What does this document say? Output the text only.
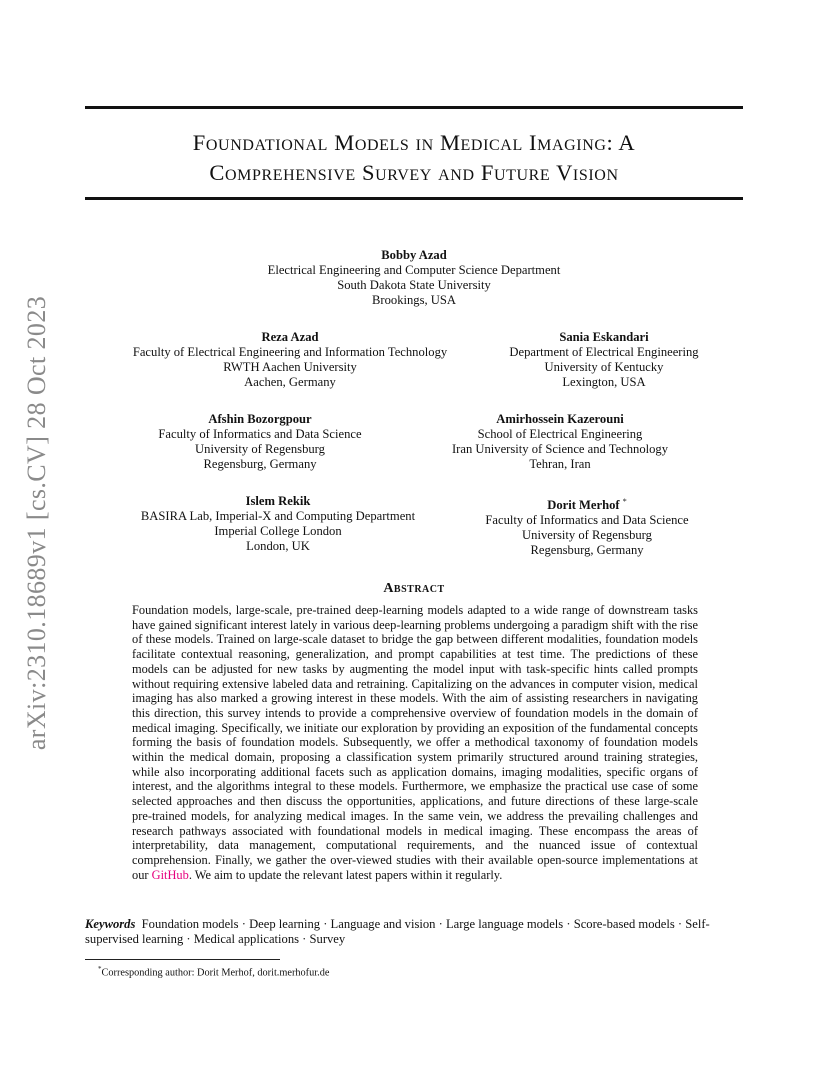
arXiv:2310.18689v1 [cs.CV] 28 Oct 2023
Foundational Models in Medical Imaging: A
Comprehensive Survey and Future Vision
Bobby Azad
Electrical Engineering and Computer Science Department
South Dakota State University
Brookings, USA
Reza Azad
Faculty of Electrical Engineering and Information Technology
RWTH Aachen University
Aachen, Germany
Sania Eskandari
Department of Electrical Engineering
University of Kentucky
Lexington, USA
Afshin Bozorgpour
Faculty of Informatics and Data Science
University of Regensburg
Regensburg, Germany
Amirhossein Kazerouni
School of Electrical Engineering
Iran University of Science and Technology
Tehran, Iran
Islem Rekik
BASIRA Lab, Imperial-X and Computing Department
Imperial College London
London, UK
Dorit Merhof *
Faculty of Informatics and Data Science
University of Regensburg
Regensburg, Germany
Abstract
Foundation models, large-scale, pre-trained deep-learning models adapted to a wide range of downstream tasks have gained significant interest lately in various deep-learning problems undergoing a paradigm shift with the rise of these models. Trained on large-scale dataset to bridge the gap between different modalities, foundation models facilitate contextual reasoning, generalization, and prompt capabilities at test time. The predictions of these models can be adjusted for new tasks by augmenting the model input with task-specific hints called prompts without requiring extensive labeled data and retraining. Capitalizing on the advances in computer vision, medical imaging has also marked a growing interest in these models. With the aim of assisting researchers in navigating this direction, this survey intends to provide a comprehensive overview of foundation models in the domain of medical imaging. Specifically, we initiate our exploration by providing an exposition of the fundamental concepts forming the basis of foundation models. Subsequently, we offer a methodical taxonomy of foundation models within the medical domain, proposing a classification system primarily structured around training strategies, while also incorporating additional facets such as application domains, imaging modalities, specific organs of interest, and the algorithms integral to these models. Furthermore, we emphasize the practical use case of some selected approaches and then discuss the opportunities, applications, and future directions of these large-scale pre-trained models, for analyzing medical images. In the same vein, we address the prevailing challenges and research pathways associated with foundational models in medical imaging. These encompass the areas of interpretability, data management, computational requirements, and the nuanced issue of contextual comprehension. Finally, we gather the over-viewed studies with their available open-source implementations at our GitHub. We aim to update the relevant latest papers within it regularly.
Keywords Foundation models · Deep learning · Language and vision · Large language models · Score-based models · Self-supervised learning · Medical applications · Survey
*Corresponding author: Dorit Merhof, dorit.merhofur.de
